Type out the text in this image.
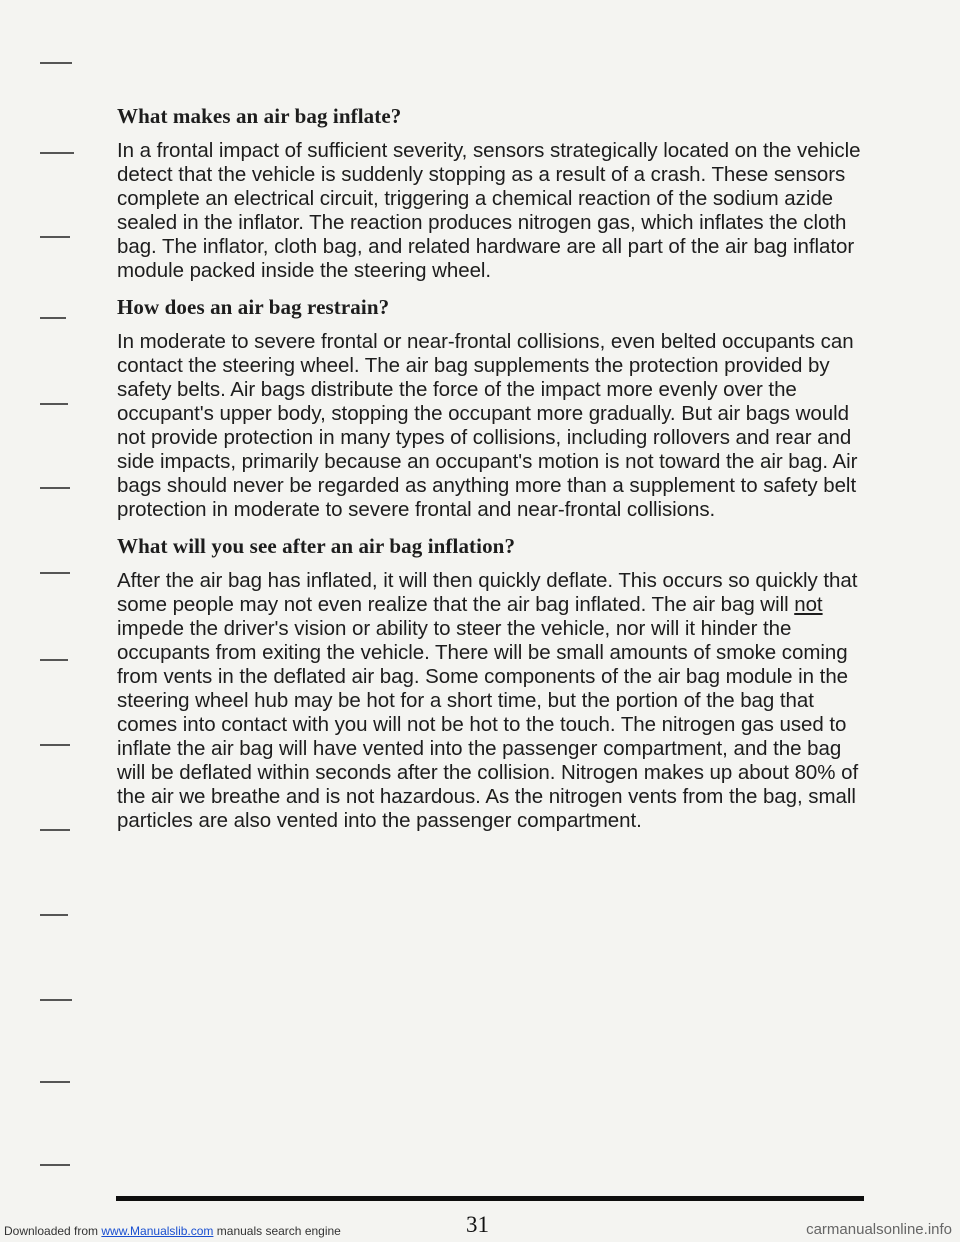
What makes an air bag inflate?

In a frontal impact of sufficient severity, sensors strategically located on the vehicle detect that the vehicle is suddenly stopping as a result of a crash. These sensors complete an electrical circuit, triggering a chemical reaction of the sodium azide sealed in the inflator. The reaction produces nitrogen gas, which inflates the cloth bag. The inflator, cloth bag, and related hardware are all part of the air bag inflator module packed inside the steering wheel.

How does an air bag restrain?

In moderate to severe frontal or near-frontal collisions, even belted occupants can contact the steering wheel. The air bag supplements the protection provided by safety belts. Air bags distribute the force of the impact more evenly over the occupant's upper body, stopping the occupant more gradually. But air bags would not provide protection in many types of collisions, including rollovers and rear and side impacts, primarily because an occupant's motion is not toward the air bag. Air bags should never be regarded as anything more than a supplement to safety belt protection in moderate to severe frontal and near-frontal collisions.

What will you see after an air bag inflation?

After the air bag has inflated, it will then quickly deflate. This occurs so quickly that some people may not even realize that the air bag inflated. The air bag will not impede the driver's vision or ability to steer the vehicle, nor will it hinder the occupants from exiting the vehicle. There will be small amounts of smoke coming from vents in the deflated air bag. Some components of the air bag module in the steering wheel hub may be hot for a short time, but the portion of the bag that comes into contact with you will not be hot to the touch. The nitrogen gas used to inflate the air bag will have vented into the passenger compartment, and the bag will be deflated within seconds after the collision. Nitrogen makes up about 80% of the air we breathe and is not hazardous. As the nitrogen vents from the bag, small particles are also vented into the passenger compartment.

Downloaded from www.Manualslib.com manuals search engine	31	carmanualsonline.info
